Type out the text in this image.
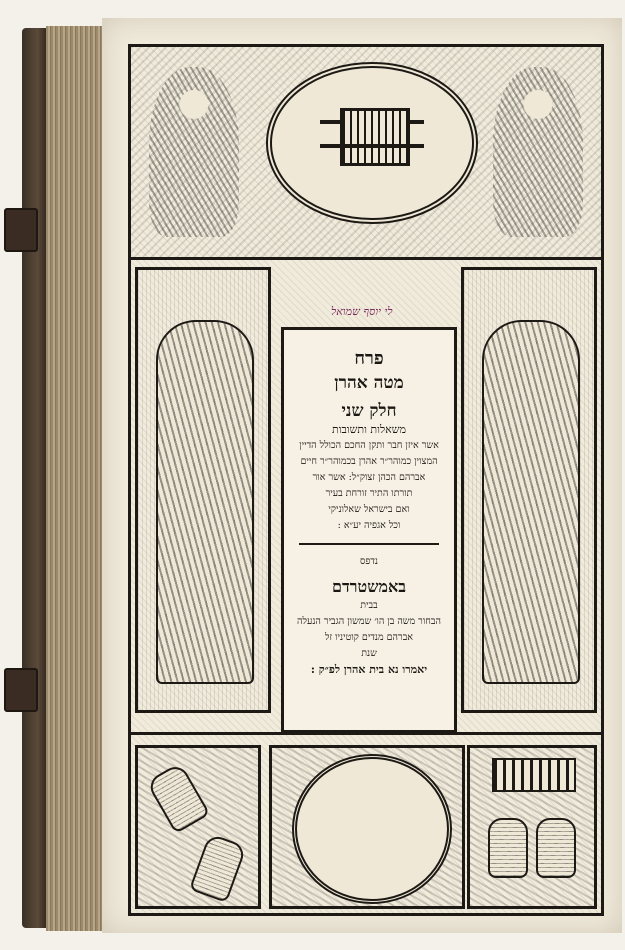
לי יוסף שמואל
פרח
מטה אהרן
חלק שני
משאלות ותשובות
אשר איזן חבר ותקן החכם הכולל הדיין
המצוין כמוהר״ר אהרן בכמוהר״ר חיים
אברהם הכהן זצוק״ל: אשר אור
תורתו התיר זורחת בעיר
ואם בישראל שאלוניקי
וכל אגפיה יע״א :
נדפס
באמשטרדם
בבית
הבחור משה בן הו׳ שמשון הגביר הנעלה
אברהם מנדים קוטיניו זל
שנת
יאמרו נא בית אהרן לפ״ק :
